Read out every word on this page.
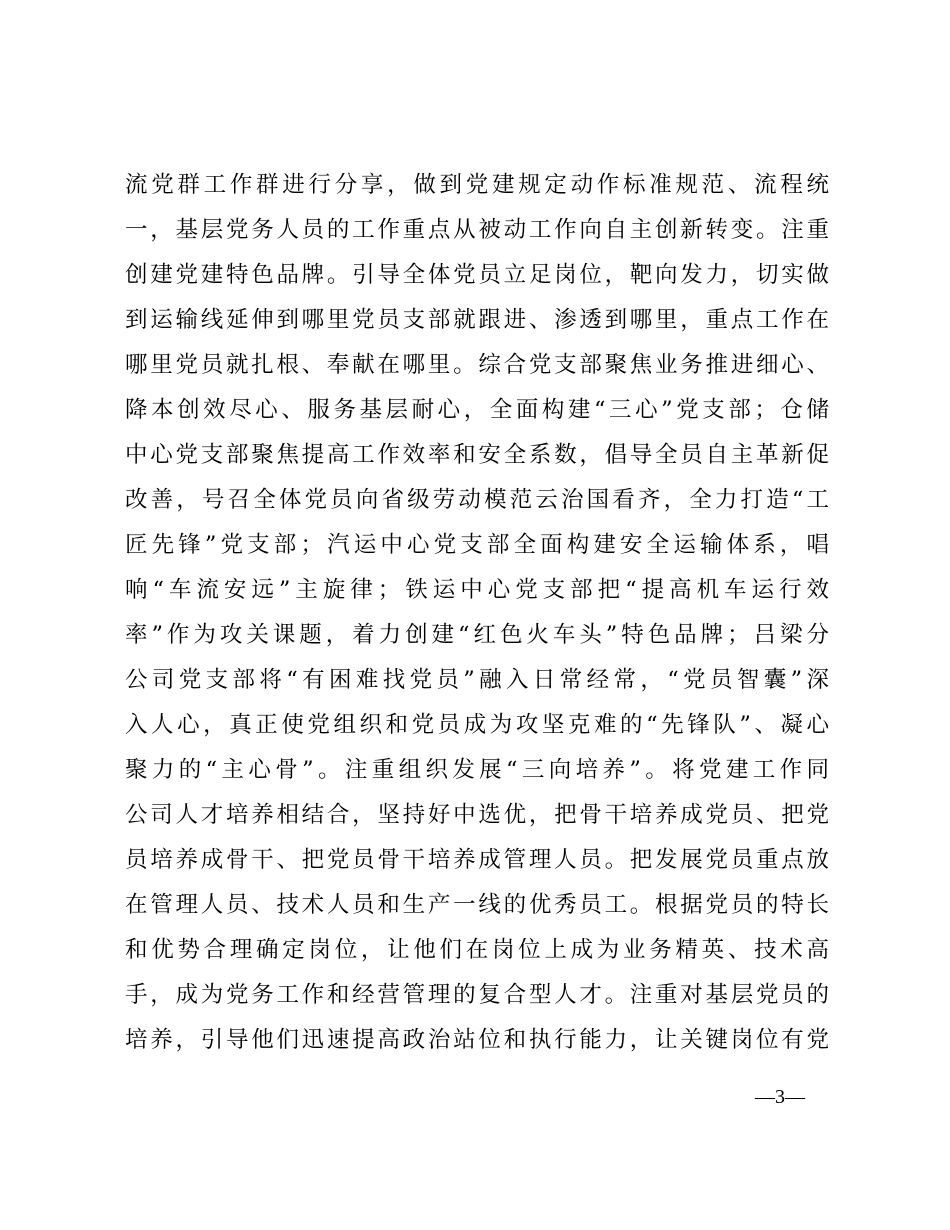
流党群工作群进行分享，做到党建规定动作标准规范、流程统
一，基层党务人员的工作重点从被动工作向自主创新转变。注重
创建党建特色品牌。引导全体党员立足岗位，靶向发力，切实做
到运输线延伸到哪里党员支部就跟进、渗透到哪里，重点工作在
哪里党员就扎根、奉献在哪里。综合党支部聚焦业务推进细心、
降本创效尽心、服务基层耐心，全面构建“三心”党支部；仓储
中心党支部聚焦提高工作效率和安全系数，倡导全员自主革新促
改善，号召全体党员向省级劳动模范云治国看齐，全力打造“工
匠先锋”党支部；汽运中心党支部全面构建安全运输体系，唱
响“车流安远”主旋律；铁运中心党支部把“提高机车运行效
率”作为攻关课题，着力创建“红色火车头”特色品牌；吕梁分
公司党支部将“有困难找党员”融入日常经常，“党员智囊”深
入人心，真正使党组织和党员成为攻坚克难的“先锋队”、凝心
聚力的“主心骨”。注重组织发展“三向培养”。将党建工作同
公司人才培养相结合，坚持好中选优，把骨干培养成党员、把党
员培养成骨干、把党员骨干培养成管理人员。把发展党员重点放
在管理人员、技术人员和生产一线的优秀员工。根据党员的特长
和优势合理确定岗位，让他们在岗位上成为业务精英、技术高
手，成为党务工作和经营管理的复合型人才。注重对基层党员的
培养，引导他们迅速提高政治站位和执行能力，让关键岗位有党
—3—
